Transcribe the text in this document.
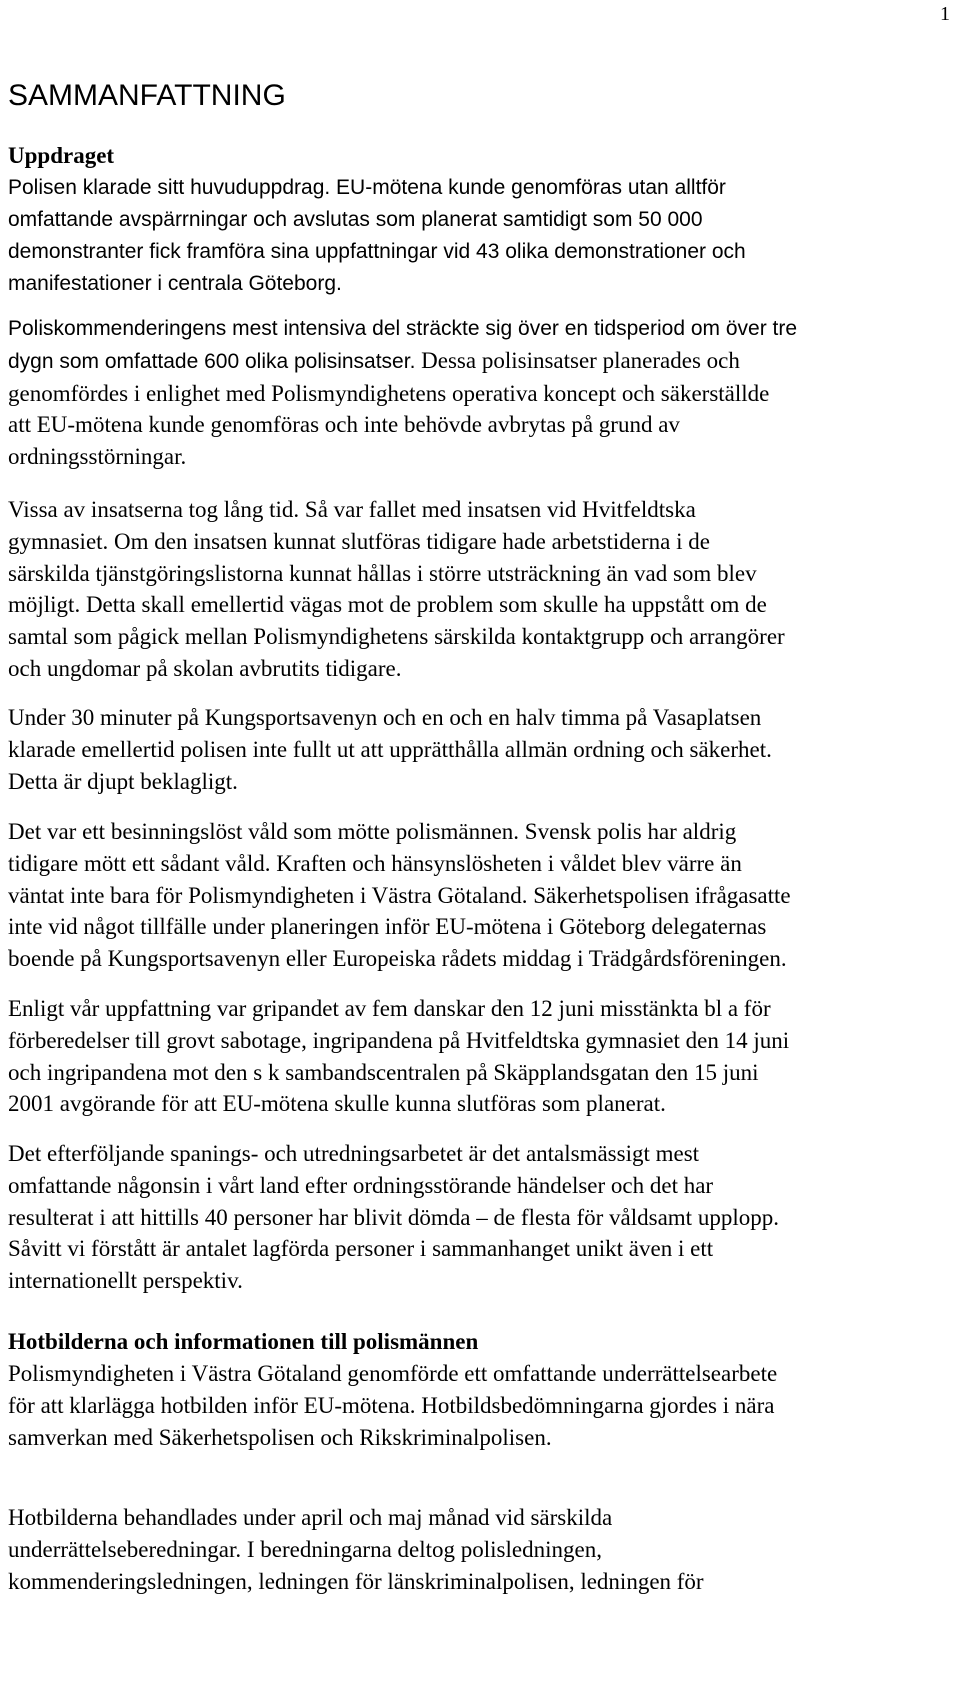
1
SAMMANFATTNING
Uppdraget
Polisen klarade sitt huvuduppdrag. EU-mötena kunde genomföras utan alltför
omfattande avspärrningar och avslutas som planerat samtidigt som 50 000
demonstranter fick framföra sina uppfattningar vid 43 olika demonstrationer och
manifestationer i centrala Göteborg.
Poliskommenderingens mest intensiva del sträckte sig över en tidsperiod om över tre
dygn som omfattade 600 olika polisinsatser. Dessa polisinsatser planerades och
genomfördes i enlighet med Polismyndighetens operativa koncept och säkerställde
att EU-mötena kunde genomföras och inte behövde avbrytas på grund av
ordningsstörningar.
Vissa av insatserna tog lång tid. Så var fallet med insatsen vid Hvitfeldtska
gymnasiet. Om den insatsen kunnat slutföras tidigare hade arbetstiderna i de
särskilda tjänstgöringslistorna kunnat hållas i större utsträckning än vad som blev
möjligt. Detta skall emellertid vägas mot de problem som skulle ha uppstått om de
samtal som pågick mellan Polismyndighetens särskilda kontaktgrupp och arrangörer
och ungdomar på skolan avbrutits tidigare.
Under 30 minuter på Kungsportsavenyn och en och en halv timma på Vasaplatsen
klarade emellertid polisen inte fullt ut att upprätthålla allmän ordning och säkerhet.
Detta är djupt beklagligt.
Det var ett besinningslöst våld som mötte polismännen. Svensk polis har aldrig
tidigare mött ett sådant våld. Kraften och hänsynslösheten i våldet blev värre än
väntat inte bara för Polismyndigheten i Västra Götaland. Säkerhetspolisen ifrågasatte
inte vid något tillfälle under planeringen inför EU-mötena i Göteborg delegaternas
boende på Kungsportsavenyn eller Europeiska rådets middag i Trädgårdsföreningen.
Enligt vår uppfattning var gripandet av fem danskar den 12 juni misstänkta bl a för
förberedelser till grovt sabotage, ingripandena på Hvitfeldtska gymnasiet den 14 juni
och ingripandena mot den s k sambandscentralen på Skäpplandsgatan den 15 juni
2001 avgörande för att EU-mötena skulle kunna slutföras som planerat.
Det efterföljande spanings- och utredningsarbetet är det antalsmässigt mest
omfattande någonsin i vårt land efter ordningsstörande händelser och det har
resulterat i att hittills 40 personer har blivit dömda – de flesta för våldsamt upplopp.
Såvitt vi förstått är antalet lagförda personer i sammanhanget unikt även i ett
internationellt perspektiv.
Hotbilderna och informationen till polismännen
Polismyndigheten i Västra Götaland genomförde ett omfattande underrättelsearbete
för att klarlägga hotbilden inför EU-mötena. Hotbildsbedömningarna gjordes i nära
samverkan med Säkerhetspolisen och Rikskriminalpolisen.
Hotbilderna behandlades under april och maj månad vid särskilda
underrättelseberedningar. I beredningarna deltog polisledningen,
kommenderingsledningen, ledningen för länskriminalpolisen, ledningen för
